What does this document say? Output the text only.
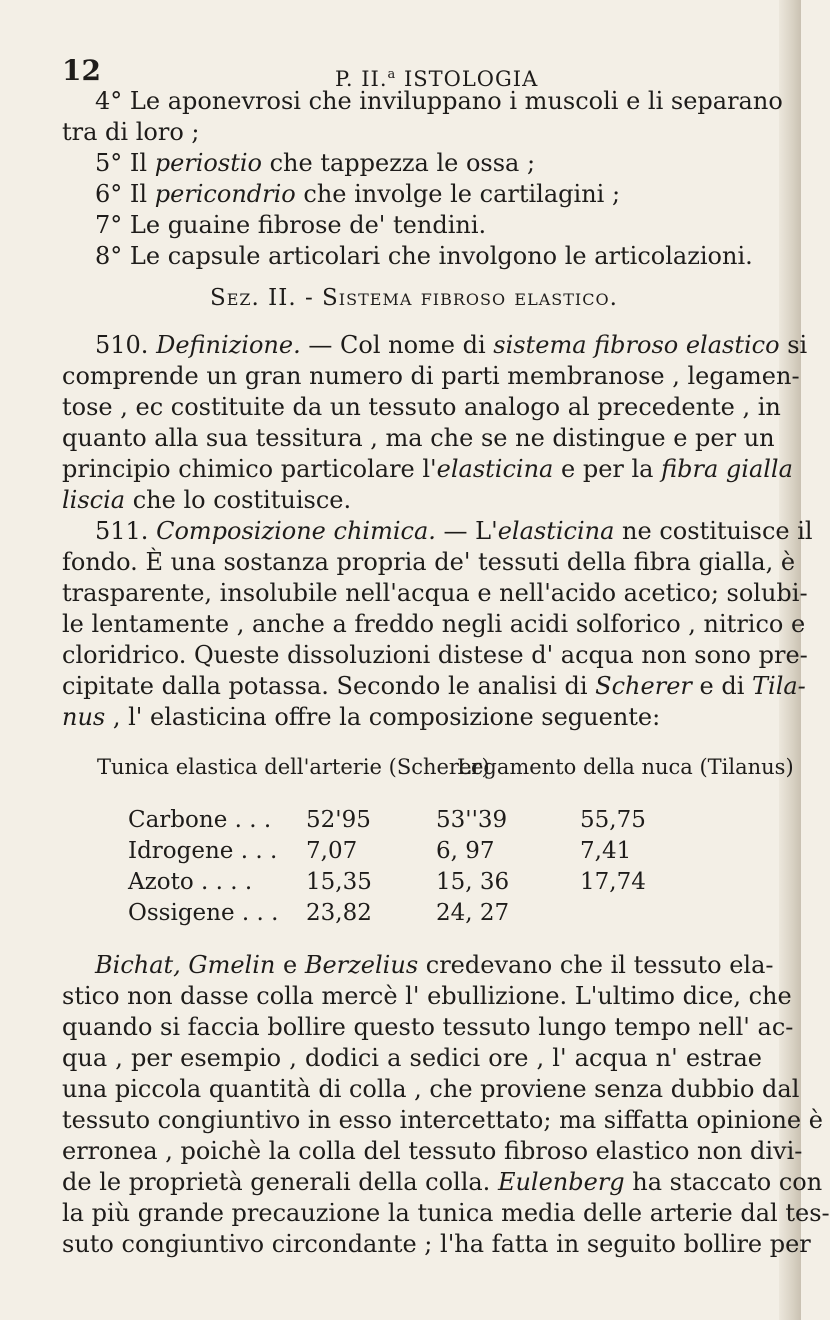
12	P. II.$^a$ ISTOLOGIA
4° Le aponevrosi che inviluppano i muscoli e li separano
tra di loro ;
5° Il periostio che tappezza le ossa ;
6° Il pericondrio che involge le cartilagini ;
7° Le guaine fibrose de' tendini.
8° Le capsule articolari che involgono le articolazioni.
Sez. II. - Sistema fibroso elastico.
510. Definizione. — Col nome di sistema fibroso elastico si
comprende un gran numero di parti membranose , legamen-
tose , ec costituite da un tessuto analogo al precedente , in
quanto alla sua tessitura , ma che se ne distingue e per un
principio chimico particolare l'elasticina e per la fibra gialla
liscia che lo costituisce.
511. Composizione chimica. — L'elasticina ne costituisce il
fondo. È una sostanza propria de' tessuti della fibra gialla, è
trasparente, insolubile nell'acqua e nell'acido acetico; solubi-
le lentamente , anche a freddo negli acidi solforico , nitrico e
cloridrico. Queste dissoluzioni distese d' acqua non sono pre-
cipitate dalla potassa. Secondo le analisi di Scherer e di Tila-
nus , l' elasticina offre la composizione seguente:
Tunica elastica dell'arterie (Scherer)
Legamento della nuca (Tilanus)
Carbone . . . 52'95	53''39	55,75
Idrogene . . . 7,07	6, 97	7,41
Azoto . . . . 15,35	15, 36	17,74
Ossigene . . . 23,82	24, 27
Bichat, Gmelin e Berzelius credevano che il tessuto ela-
stico non dasse colla mercè l' ebullizione. L'ultimo dice, che
quando si faccia bollire questo tessuto lungo tempo nell' ac-
qua , per esempio , dodici a sedici ore , l' acqua n' estrae
una piccola quantità di colla , che proviene senza dubbio dal
tessuto congiuntivo in esso intercettato; ma siffatta opinione è
erronea , poichè la colla del tessuto fibroso elastico non divi-
de le proprietà generali della colla. Eulenberg ha staccato con
la più grande precauzione la tunica media delle arterie dal tes-
suto congiuntivo circondante ; l'ha fatta in seguito bollire per
